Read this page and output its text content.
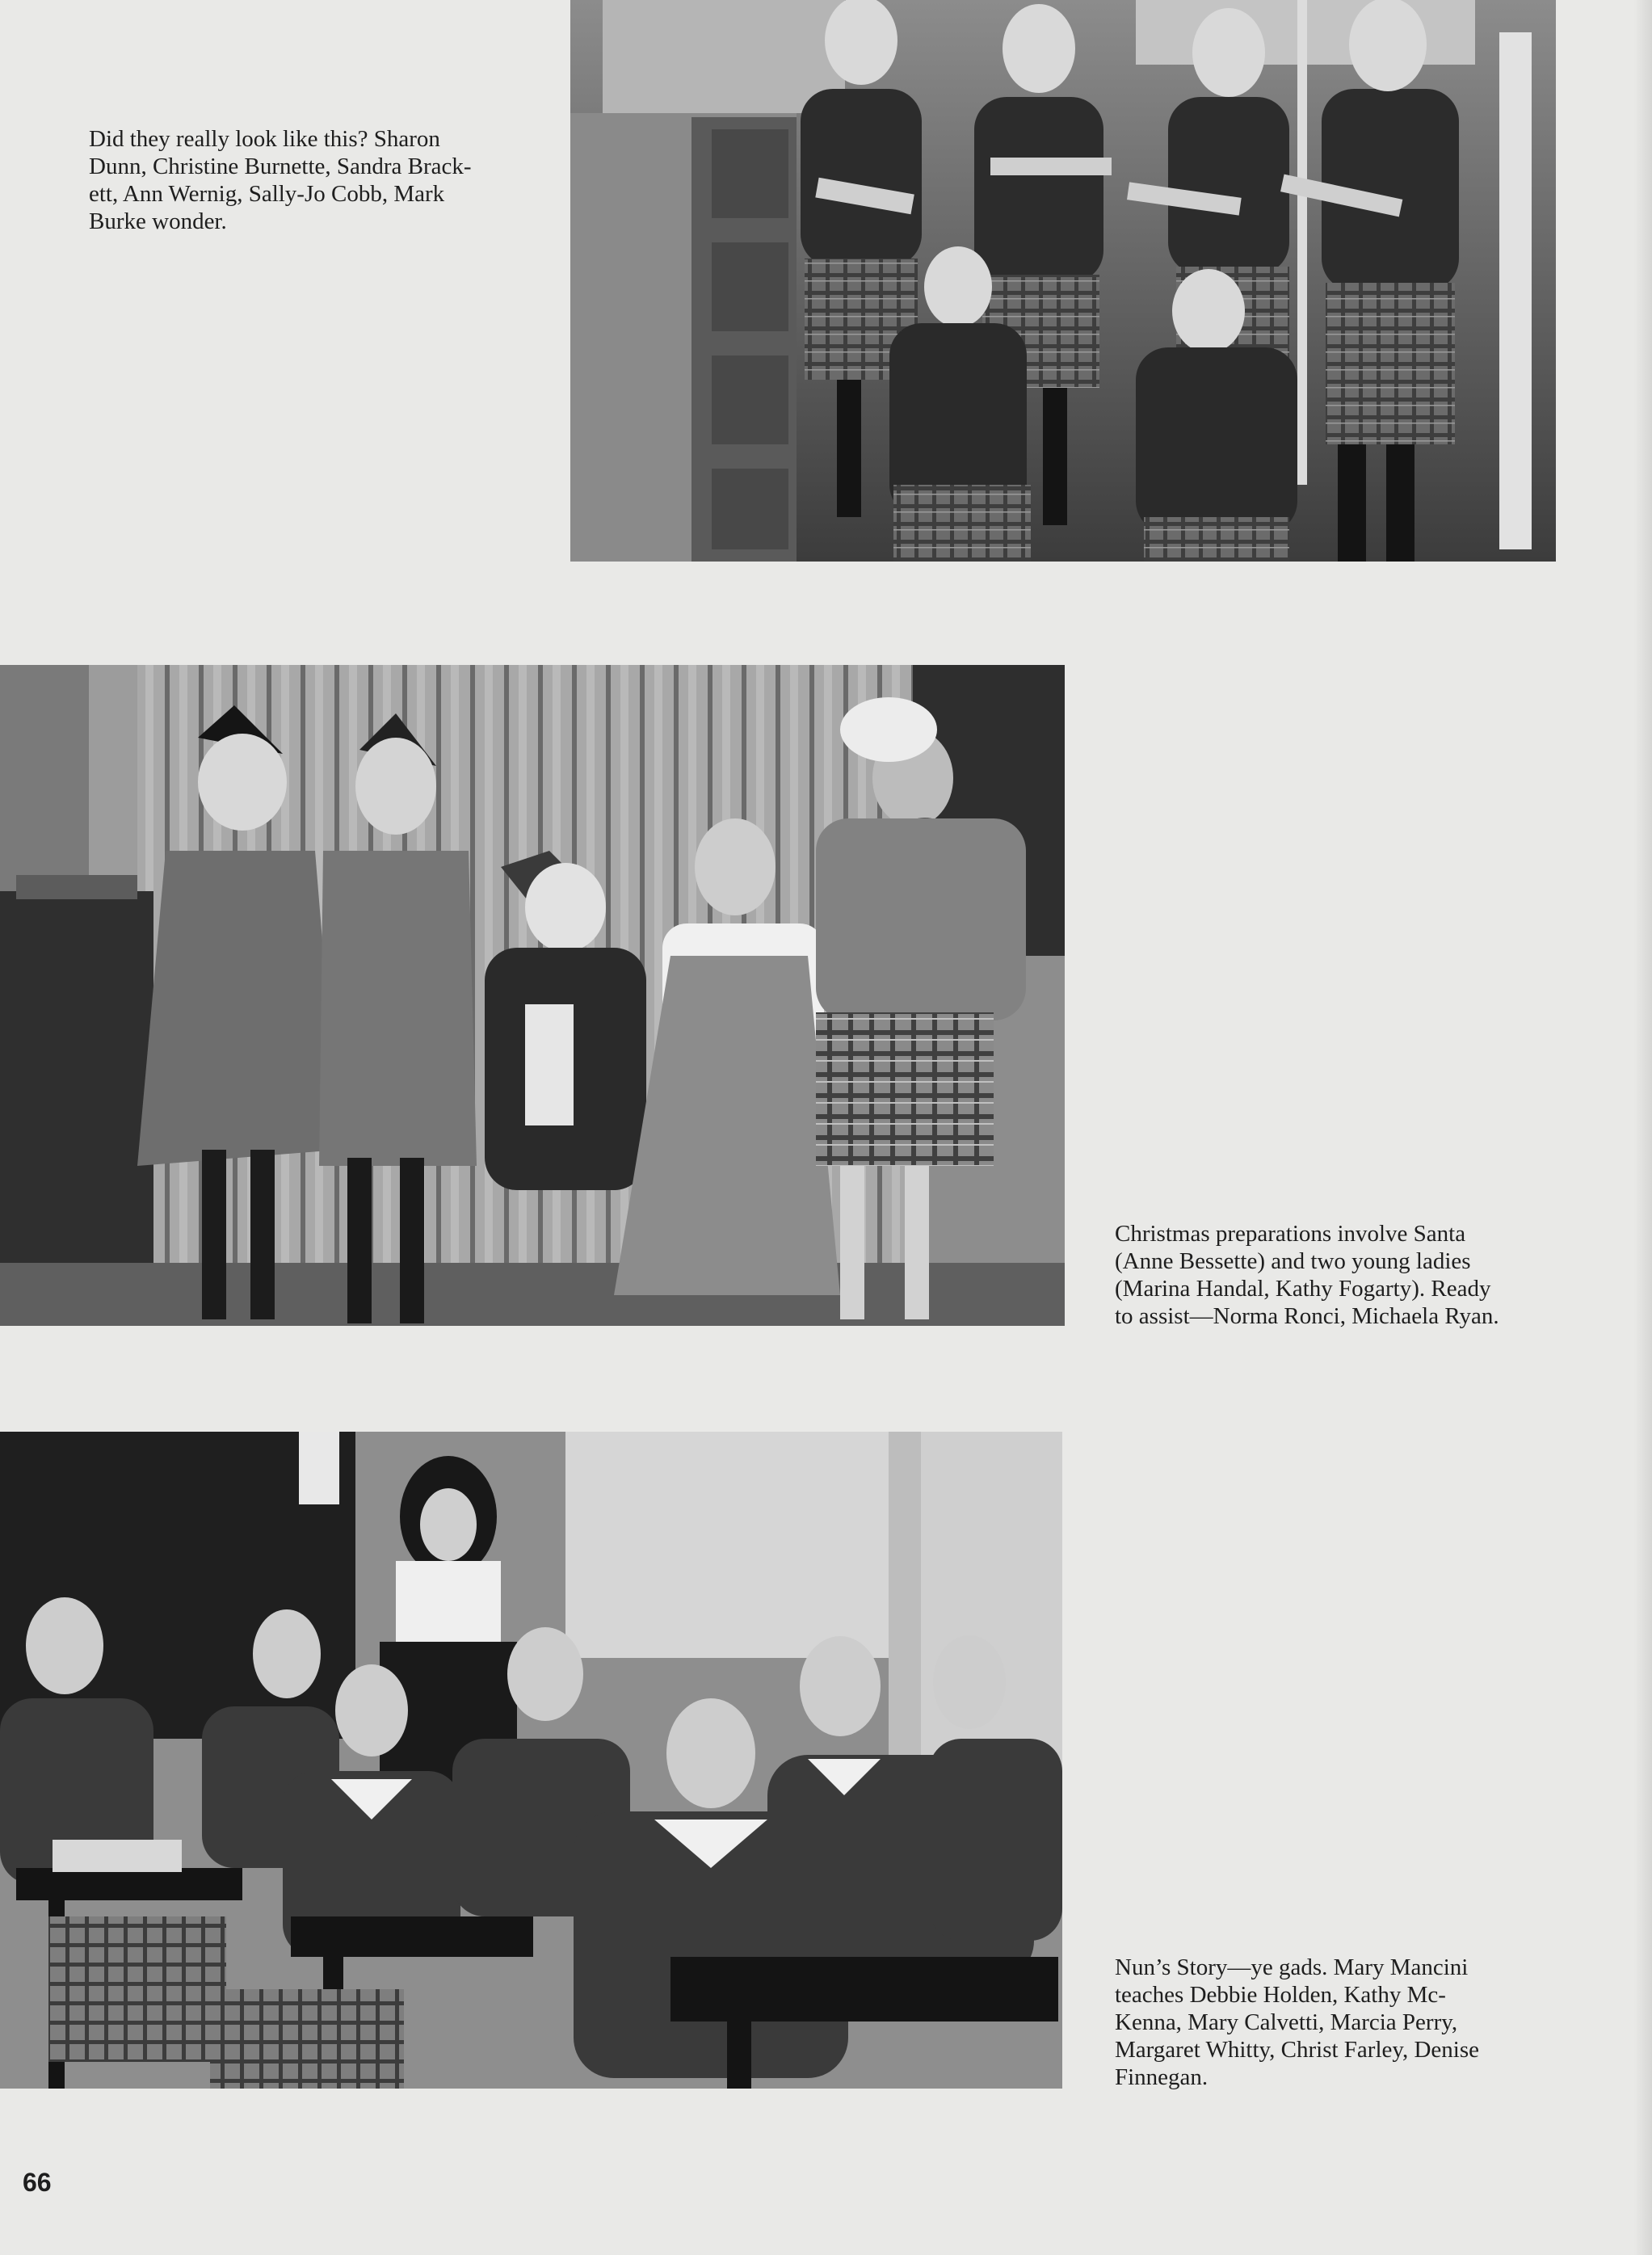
Did they really look like this? Sharon
Dunn, Christine Burnette, Sandra Brack-
ett, Ann Wernig, Sally-Jo Cobb, Mark
Burke wonder.
Christmas preparations involve Santa
(Anne Bessette) and two young ladies
(Marina Handal, Kathy Fogarty). Ready
to assist—Norma Ronci, Michaela Ryan.
Nun’s Story—ye gads. Mary Mancini
teaches Debbie Holden, Kathy Mc-
Kenna, Mary Calvetti, Marcia Perry,
Margaret Whitty, Christ Farley, Denise
Finnegan.
66
